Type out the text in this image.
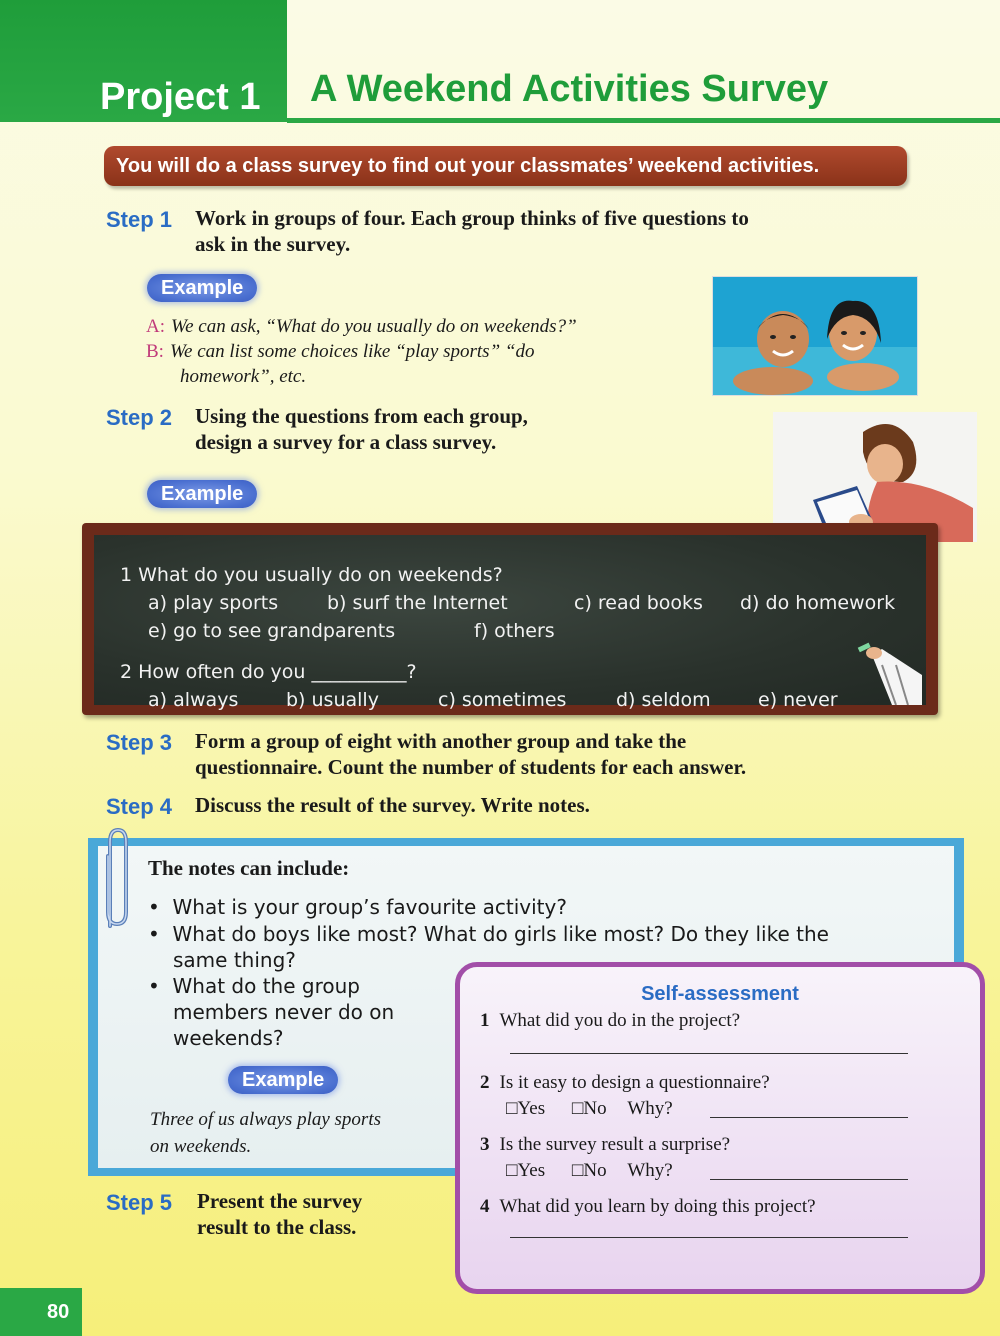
Project 1 A Weekend Activities Survey
You will do a class survey to find out your classmates’ weekend activities.
Step 1 Work in groups of four. Each group thinks of five questions to
ask in the survey.
Example
A: We can ask, “What do you usually do on weekends?”
B: We can list some choices like “play sports” “do
homework”, etc.
Step 2 Using the questions from each group,
design a survey for a class survey.
Example
1 What do you usually do on weekends?
a) play sports	b) surf the Internet	c) read books d) do homework
e) go to see grandparents	f) others
2 How often do you __________?
a) always	b) usually	c) sometimes	d) seldom e) never
Step 3 Form a group of eight with another group and take the
questionnaire. Count the number of students for each answer.
Step 4 Discuss the result of the survey. Write notes.
The notes can include:
•  What is your group’s favourite activity?
•  What do boys like most? What do girls like most? Do they like the
same thing?
•  What do the group
members never do on
weekends?
Example
Three of us always play sports
on weekends.
Step 5 Present the survey
result to the class.
Self-assessment
1 What did you do in the project?
2 Is it easy to design a questionnaire?
□Yes □No Why?
3 Is the survey result a surprise?
□Yes □No Why?
4 What did you learn by doing this project?
80
